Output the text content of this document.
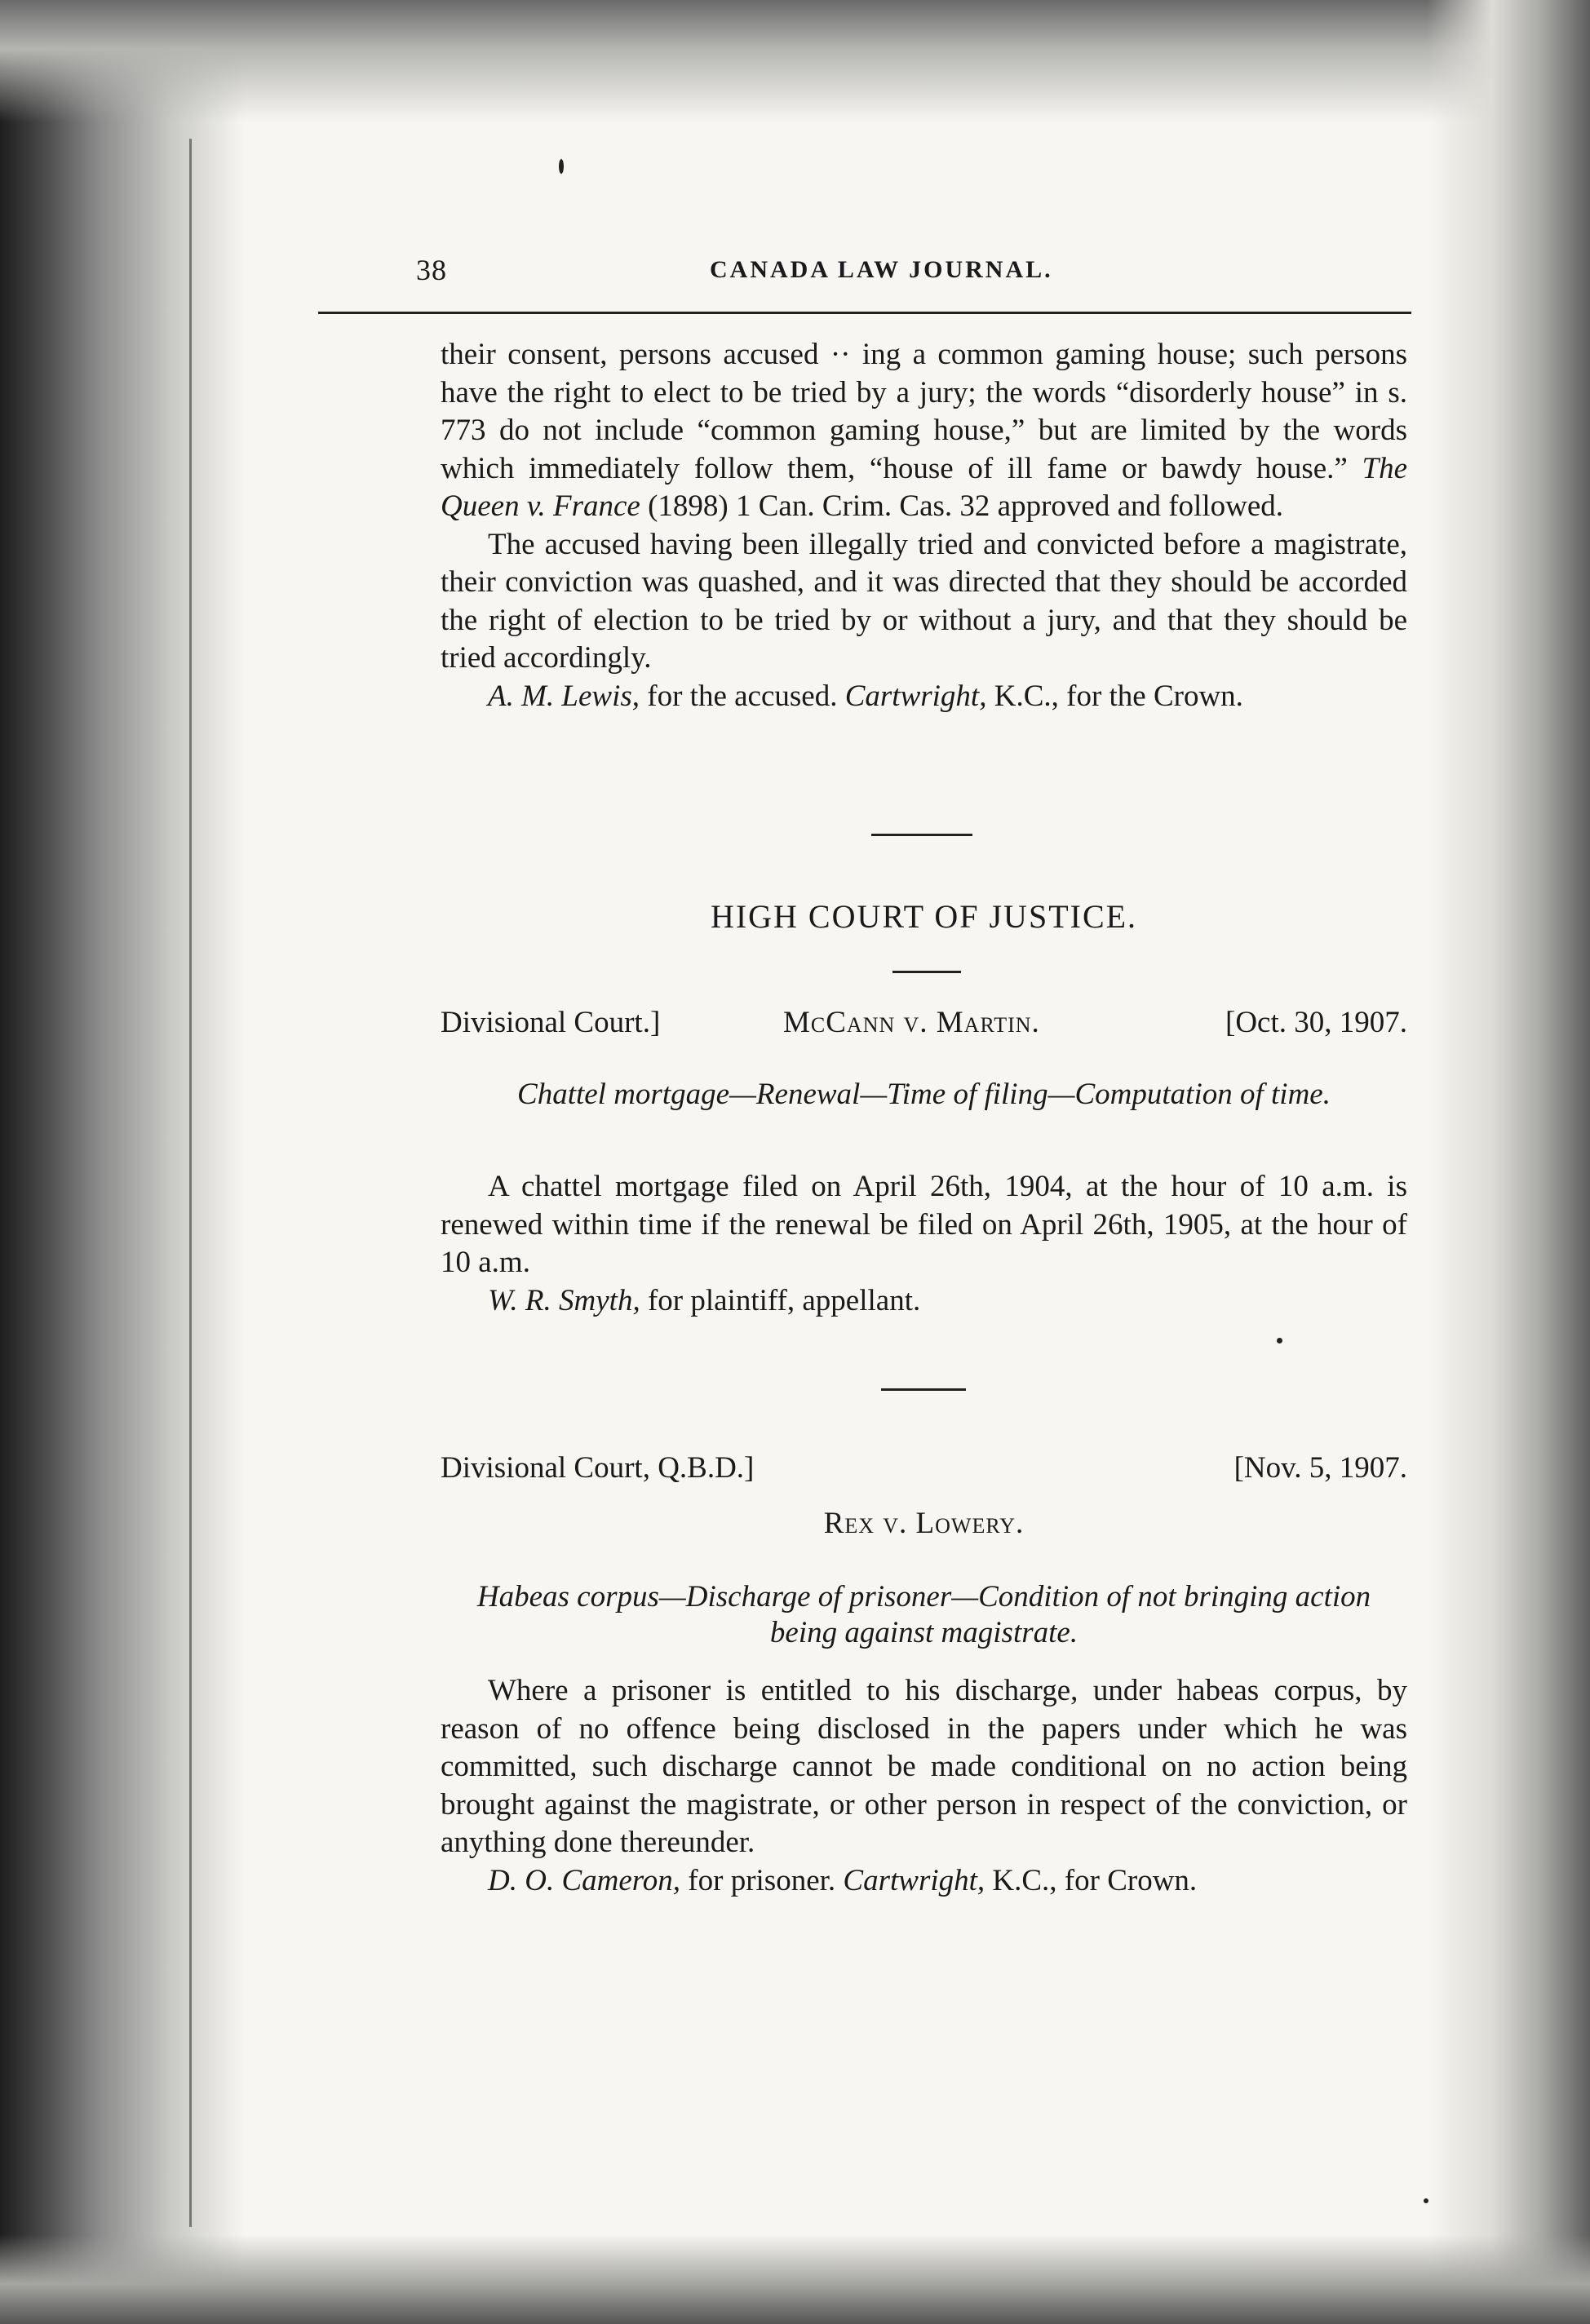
38	CANADA LAW JOURNAL.

their consent, persons accused ·· ing a common gaming house; such persons have the right to elect to be tried by a jury; the words “disorderly house” in s. 773 do not include “common gaming house,” but are limited by the words which immediately follow them, “house of ill fame or bawdy house.” The Queen v. France (1898) 1 Can. Crim. Cas. 32 approved and followed.

The accused having been illegally tried and convicted before a magistrate, their conviction was quashed, and it was directed that they should be accorded the right of election to be tried by or without a jury, and that they should be tried accordingly.

A. M. Lewis, for the accused. Cartwright, K.C., for the Crown.

HIGH COURT OF JUSTICE.
Divisional Court.]	McCann v. Martin.	[Oct. 30, 1907.
Chattel mortgage—Renewal—Time of filing—Computation of time.

A chattel mortgage filed on April 26th, 1904, at the hour of 10 a.m. is renewed within time if the renewal be filed on April 26th, 1905, at the hour of 10 a.m.

W. R. Smyth, for plaintiff, appellant.

Divisional Court, Q.B.D.]	[Nov. 5, 1907.
Rex v. Lowery.
Habeas corpus—Discharge of prisoner—Condition of not bringing action being against magistrate.

Where a prisoner is entitled to his discharge, under habeas corpus, by reason of no offence being disclosed in the papers under which he was committed, such discharge cannot be made conditional on no action being brought against the magistrate, or other person in respect of the conviction, or anything done thereunder.

D. O. Cameron, for prisoner. Cartwright, K.C., for Crown.
